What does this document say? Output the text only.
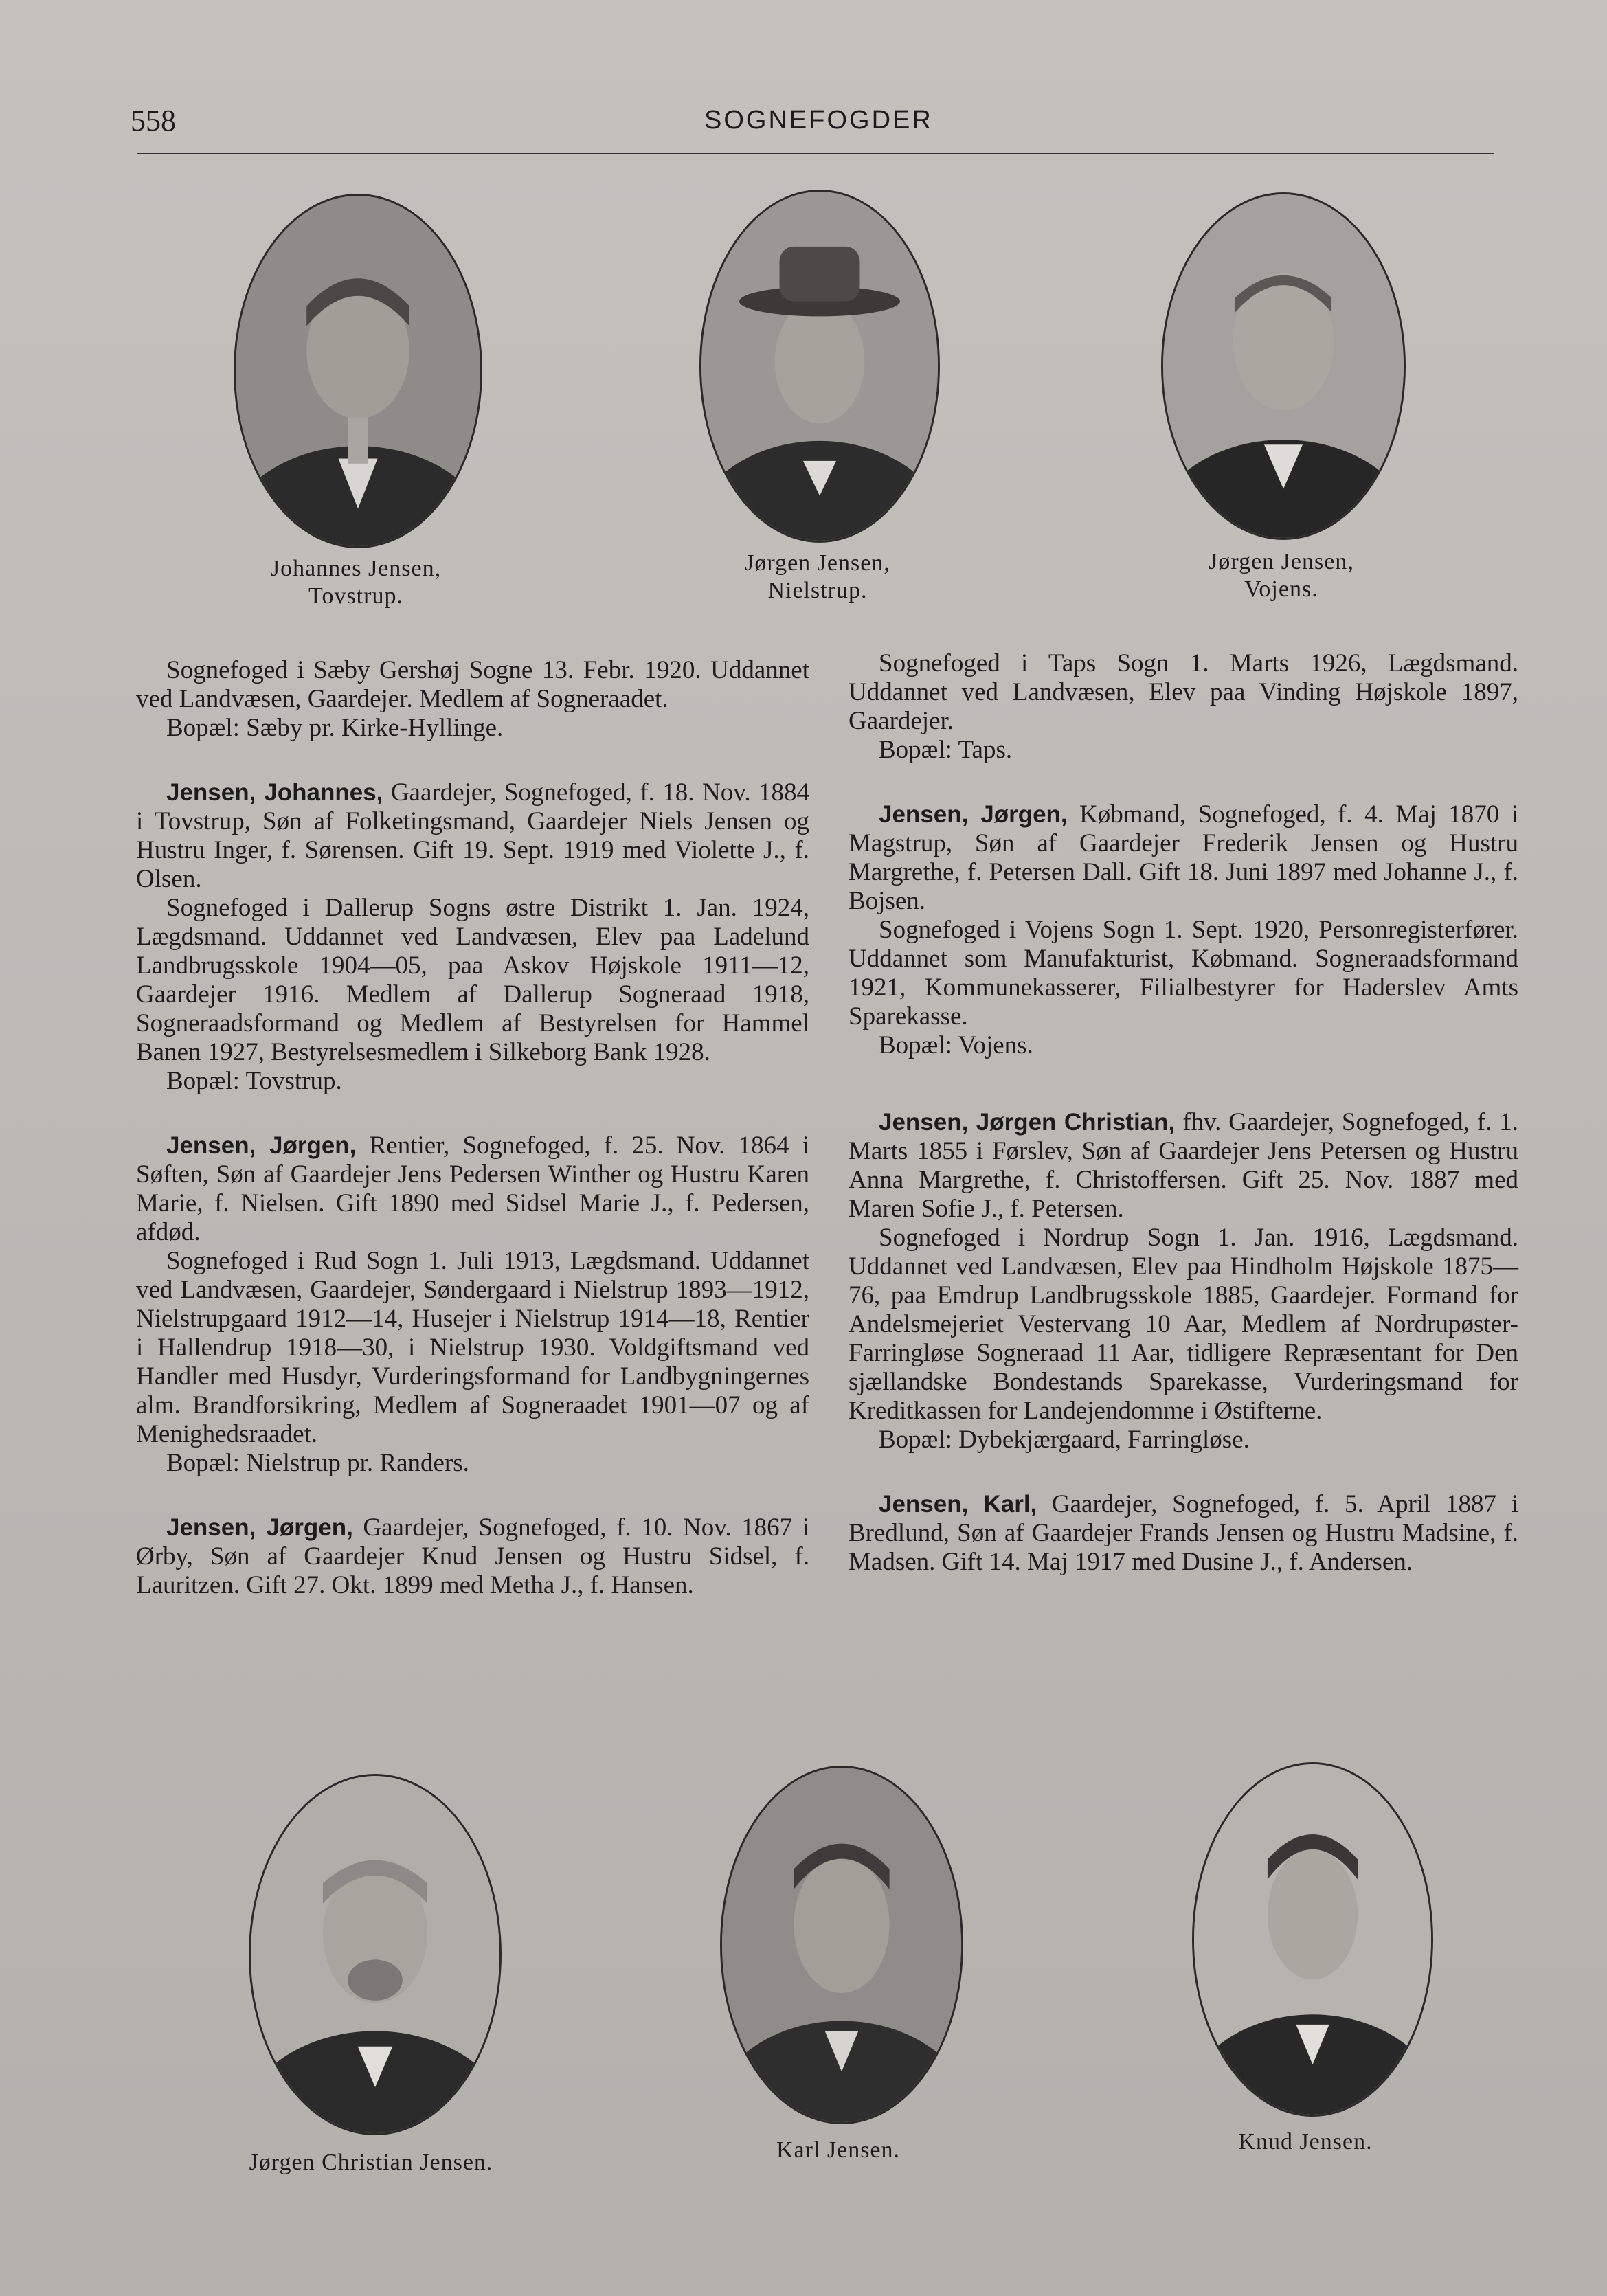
558	SOGNEFOGDER
Johannes Jensen,
Tovstrup.
Jørgen Jensen,
Nielstrup.
Jørgen Jensen,
Vojens.

Sognefoged i Sæby Gershøj Sogne 13. Febr. 1920. Uddannet ved Landvæsen, Gaardejer. Medlem af Sogneraadet.

Bopæl: Sæby pr. Kirke-Hyllinge.

Jensen, Johannes, Gaardejer, Sognefoged, f. 18. Nov. 1884 i Tovstrup, Søn af Folketingsmand, Gaardejer Niels Jensen og Hustru Inger, f. Sørensen. Gift 19. Sept. 1919 med Violette J., f. Olsen.

Sognefoged i Dallerup Sogns østre Distrikt 1. Jan. 1924, Lægdsmand. Uddannet ved Landvæsen, Elev paa Ladelund Landbrugsskole 1904—05, paa Askov Højskole 1911—12, Gaardejer 1916. Medlem af Dallerup Sogneraad 1918, Sogneraadsformand og Medlem af Bestyrelsen for Hammel Banen 1927, Bestyrelsesmedlem i Silkeborg Bank 1928.

Bopæl: Tovstrup.

Jensen, Jørgen, Rentier, Sognefoged, f. 25. Nov. 1864 i Søften, Søn af Gaardejer Jens Pedersen Winther og Hustru Karen Marie, f. Nielsen. Gift 1890 med Sidsel Marie J., f. Pedersen, afdød.

Sognefoged i Rud Sogn 1. Juli 1913, Lægdsmand. Uddannet ved Landvæsen, Gaardejer, Søndergaard i Nielstrup 1893—1912, Nielstrupgaard 1912—14, Husejer i Nielstrup 1914—18, Rentier i Hallendrup 1918—30, i Nielstrup 1930. Voldgiftsmand ved Handler med Husdyr, Vurderingsformand for Landbygningernes alm. Brandforsikring, Medlem af Sogneraadet 1901—07 og af Menighedsraadet.

Bopæl: Nielstrup pr. Randers.

Jensen, Jørgen, Gaardejer, Sognefoged, f. 10. Nov. 1867 i Ørby, Søn af Gaardejer Knud Jensen og Hustru Sidsel, f. Lauritzen. Gift 27. Okt. 1899 med Metha J., f. Hansen.

Sognefoged i Taps Sogn 1. Marts 1926, Lægdsmand. Uddannet ved Landvæsen, Elev paa Vinding Højskole 1897, Gaardejer.

Bopæl: Taps.

Jensen, Jørgen, Købmand, Sognefoged, f. 4. Maj 1870 i Magstrup, Søn af Gaardejer Frederik Jensen og Hustru Margrethe, f. Petersen Dall. Gift 18. Juni 1897 med Johanne J., f. Bojsen.

Sognefoged i Vojens Sogn 1. Sept. 1920, Personregisterfører. Uddannet som Manufakturist, Købmand. Sogneraadsformand 1921, Kommunekasserer, Filialbestyrer for Haderslev Amts Sparekasse.

Bopæl: Vojens.

Jensen, Jørgen Christian, fhv. Gaardejer, Sognefoged, f. 1. Marts 1855 i Førslev, Søn af Gaardejer Jens Petersen og Hustru Anna Margrethe, f. Christoffersen. Gift 25. Nov. 1887 med Maren Sofie J., f. Petersen.

Sognefoged i Nordrup Sogn 1. Jan. 1916, Lægdsmand. Uddannet ved Landvæsen, Elev paa Hindholm Højskole 1875—76, paa Emdrup Landbrugsskole 1885, Gaardejer. Formand for Andelsmejeriet Vestervang 10 Aar, Medlem af Nordrupøster-Farringløse Sogneraad 11 Aar, tidligere Repræsentant for Den sjællandske Bondestands Sparekasse, Vurderingsmand for Kreditkassen for Landejendomme i Østifterne.

Bopæl: Dybekjærgaard, Farringløse.

Jensen, Karl, Gaardejer, Sognefoged, f. 5. April 1887 i Bredlund, Søn af Gaardejer Frands Jensen og Hustru Madsine, f. Madsen. Gift 14. Maj 1917 med Dusine J., f. Andersen.

Jørgen Christian Jensen.	Karl Jensen.	Knud Jensen.
